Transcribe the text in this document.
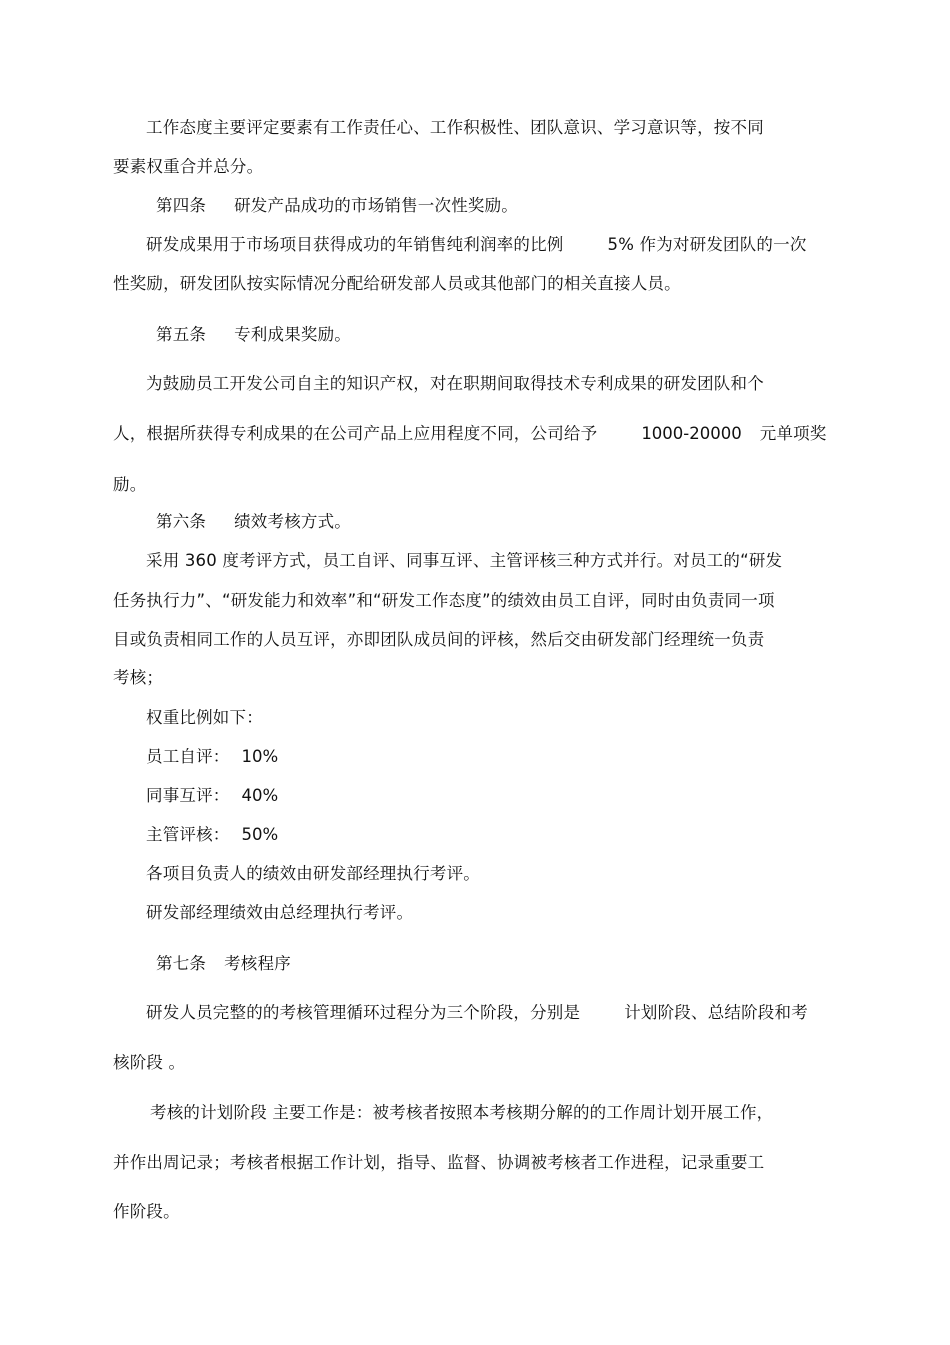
工作态度主要评定要素有工作责任心、工作积极性、团队意识、学习意识等，按不同
要素权重合并总分。
第四条 研发产品成功的市场销售一次性奖励。
研发成果用于市场项目获得成功的年销售纯利润率的比例	5% 作为对研发团队的一次
性奖励，研发团队按实际情况分配给研发部人员或其他部门的相关直接人员。
第五条 专利成果奖励。
为鼓励员工开发公司自主的知识产权，对在职期间取得技术专利成果的研发团队和个
人，根据所获得专利成果的在公司产品上应用程度不同，公司给予	1000-20000 元单项奖
励。
第六条 绩效考核方式。
采用 360 度考评方式，员工自评、同事互评、主管评核三种方式并行。对员工的“研发
任务执行力”、“研发能力和效率”和“研发工作态度”的绩效由员工自评，同时由负责同一项
目或负责相同工作的人员互评，亦即团队成员间的评核，然后交由研发部门经理统一负责
考核；
权重比例如下：
员工自评： 10%
同事互评： 40%
主管评核： 50%
各项目负责人的绩效由研发部经理执行考评。
研发部经理绩效由总经理执行考评。
第七条 考核程序
研发人员完整的的考核管理循环过程分为三个阶段，分别是	计划阶段、总结阶段和考
核阶段 。
考核的计划阶段 主要工作是：被考核者按照本考核期分解的的工作周计划开展工作，
并作出周记录；考核者根据工作计划，指导、监督、协调被考核者工作进程，记录重要工
作阶段。
